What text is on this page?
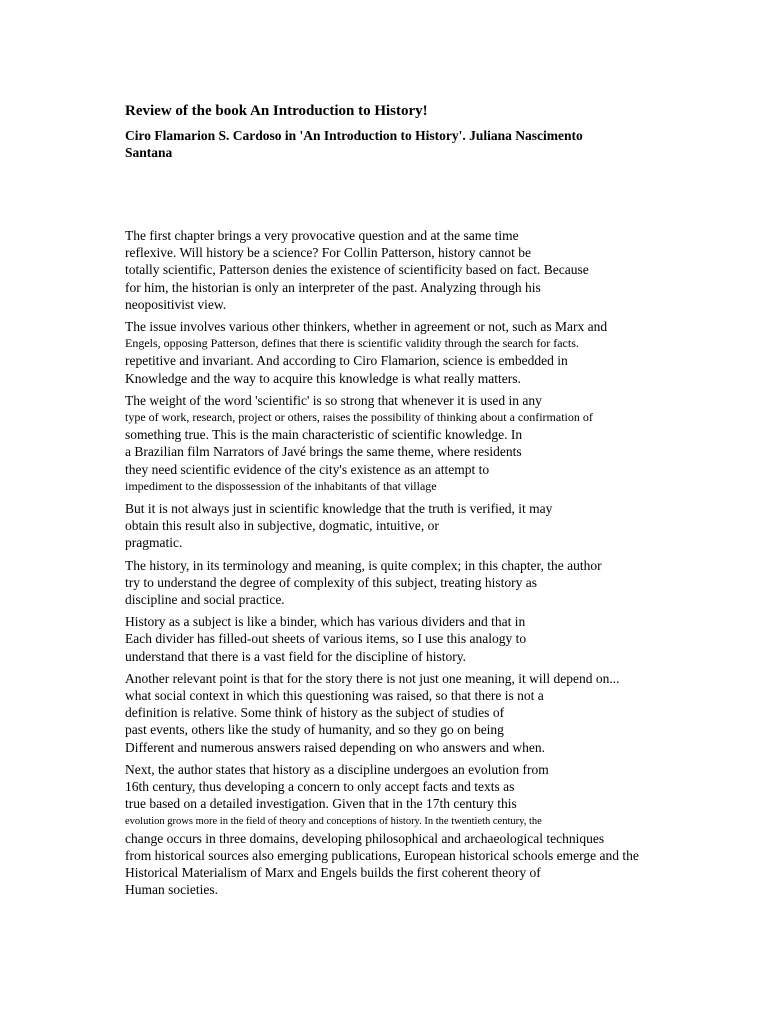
Review of the book An Introduction to History!
Ciro Flamarion S. Cardoso in 'An Introduction to History'. Juliana Nascimento
Santana

The first chapter brings a very provocative question and at the same time
reflexive. Will history be a science? For Collin Patterson, history cannot be
totally scientific, Patterson denies the existence of scientificity based on fact. Because
for him, the historian is only an interpreter of the past. Analyzing through his
neopositivist view.

The issue involves various other thinkers, whether in agreement or not, such as Marx and
Engels, opposing Patterson, defines that there is scientific validity through the search for facts.
repetitive and invariant. And according to Ciro Flamarion, science is embedded in
Knowledge and the way to acquire this knowledge is what really matters.

The weight of the word 'scientific' is so strong that whenever it is used in any
type of work, research, project or others, raises the possibility of thinking about a confirmation of
something true. This is the main characteristic of scientific knowledge. In
a Brazilian film Narrators of Javé brings the same theme, where residents
they need scientific evidence of the city's existence as an attempt to
impediment to the dispossession of the inhabitants of that village

But it is not always just in scientific knowledge that the truth is verified, it may
obtain this result also in subjective, dogmatic, intuitive, or
pragmatic.

The history, in its terminology and meaning, is quite complex; in this chapter, the author
try to understand the degree of complexity of this subject, treating history as
discipline and social practice.

History as a subject is like a binder, which has various dividers and that in
Each divider has filled-out sheets of various items, so I use this analogy to
understand that there is a vast field for the discipline of history.

Another relevant point is that for the story there is not just one meaning, it will depend on...
what social context in which this questioning was raised, so that there is not a
definition is relative. Some think of history as the subject of studies of
past events, others like the study of humanity, and so they go on being
Different and numerous answers raised depending on who answers and when.

Next, the author states that history as a discipline undergoes an evolution from
16th century, thus developing a concern to only accept facts and texts as
true based on a detailed investigation. Given that in the 17th century this
evolution grows more in the field of theory and conceptions of history. In the twentieth century, the
change occurs in three domains, developing philosophical and archaeological techniques
from historical sources also emerging publications, European historical schools emerge and the
Historical Materialism of Marx and Engels builds the first coherent theory of
Human societies.
